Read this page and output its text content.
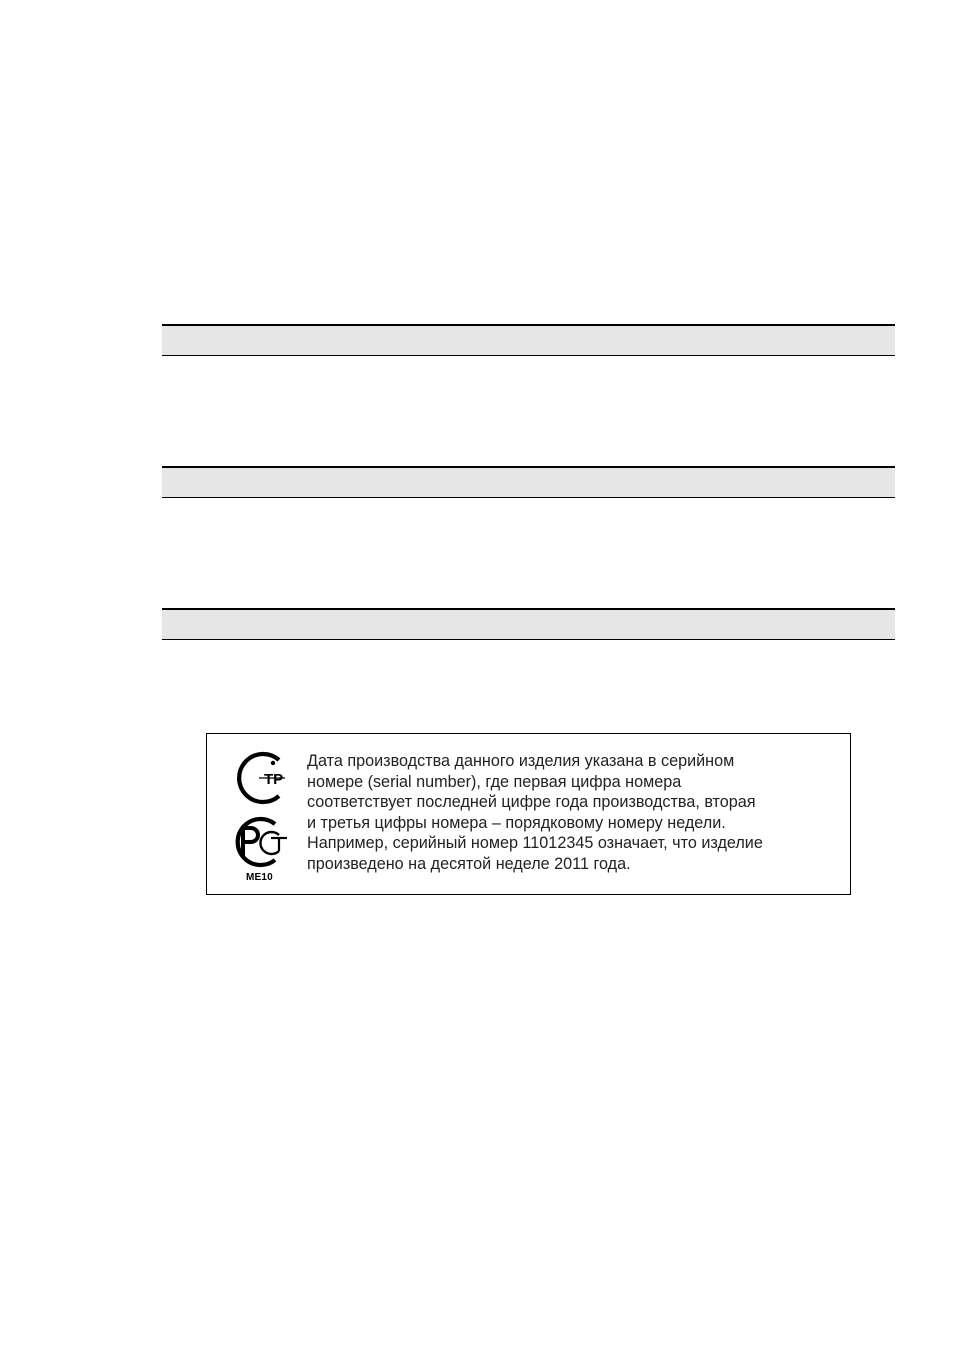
ТР
РСТ
ME10

Дата производства данного изделия указана в серийном
номере (serial number), где первая цифра номера
соответствует последней цифре года производства, вторая
и третья цифры номера – порядковому номеру недели.
Например, серийный номер 11012345 означает, что изделие
произведено на десятой неделе 2011 года.
